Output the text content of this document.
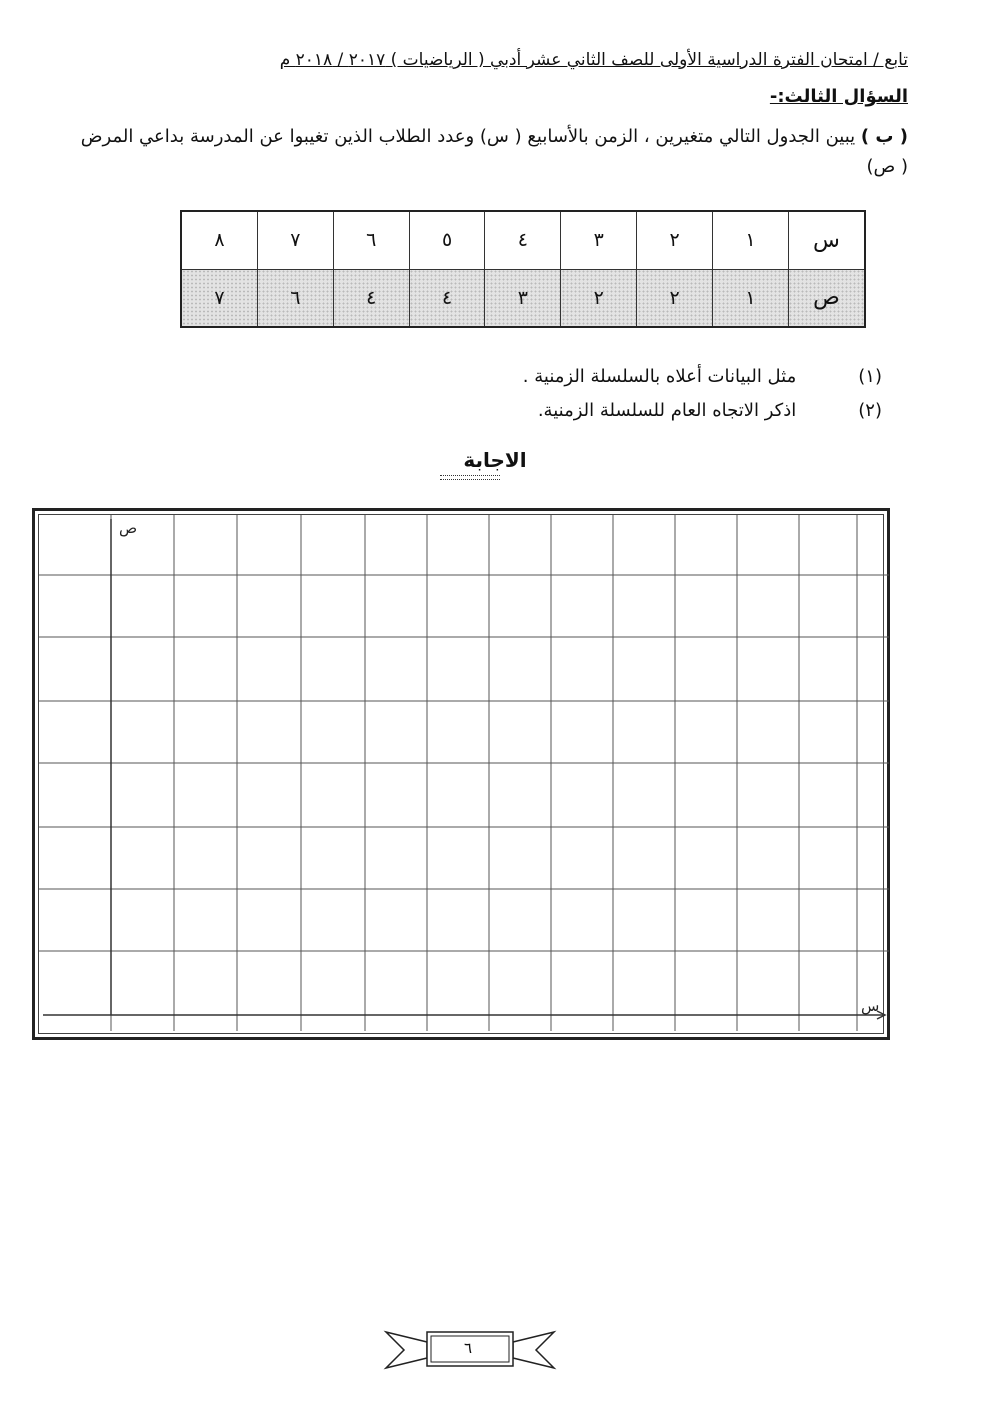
تابع / امتحان الفترة الدراسية الأولى للصف الثاني عشر أدبي ( الرياضيات ) ٢٠١٧ / ٢٠١٨ م
السؤال الثالث:-
( ب ) يبين الجدول التالي متغيرين ، الزمن بالأسابيع ( س) وعدد الطلاب الذين تغيبوا عن المدرسة بداعي المرض ( ص)
س	١	٢	٣	٤	٥	٦	٧	٨
ص	١	٢	٢	٣	٤	٤	٦	٧
(١) مثل البيانات أعلاه بالسلسلة الزمنية .
(٢) اذكر الاتجاه العام للسلسلة الزمنية.
الاجابة
ص
س
٦
